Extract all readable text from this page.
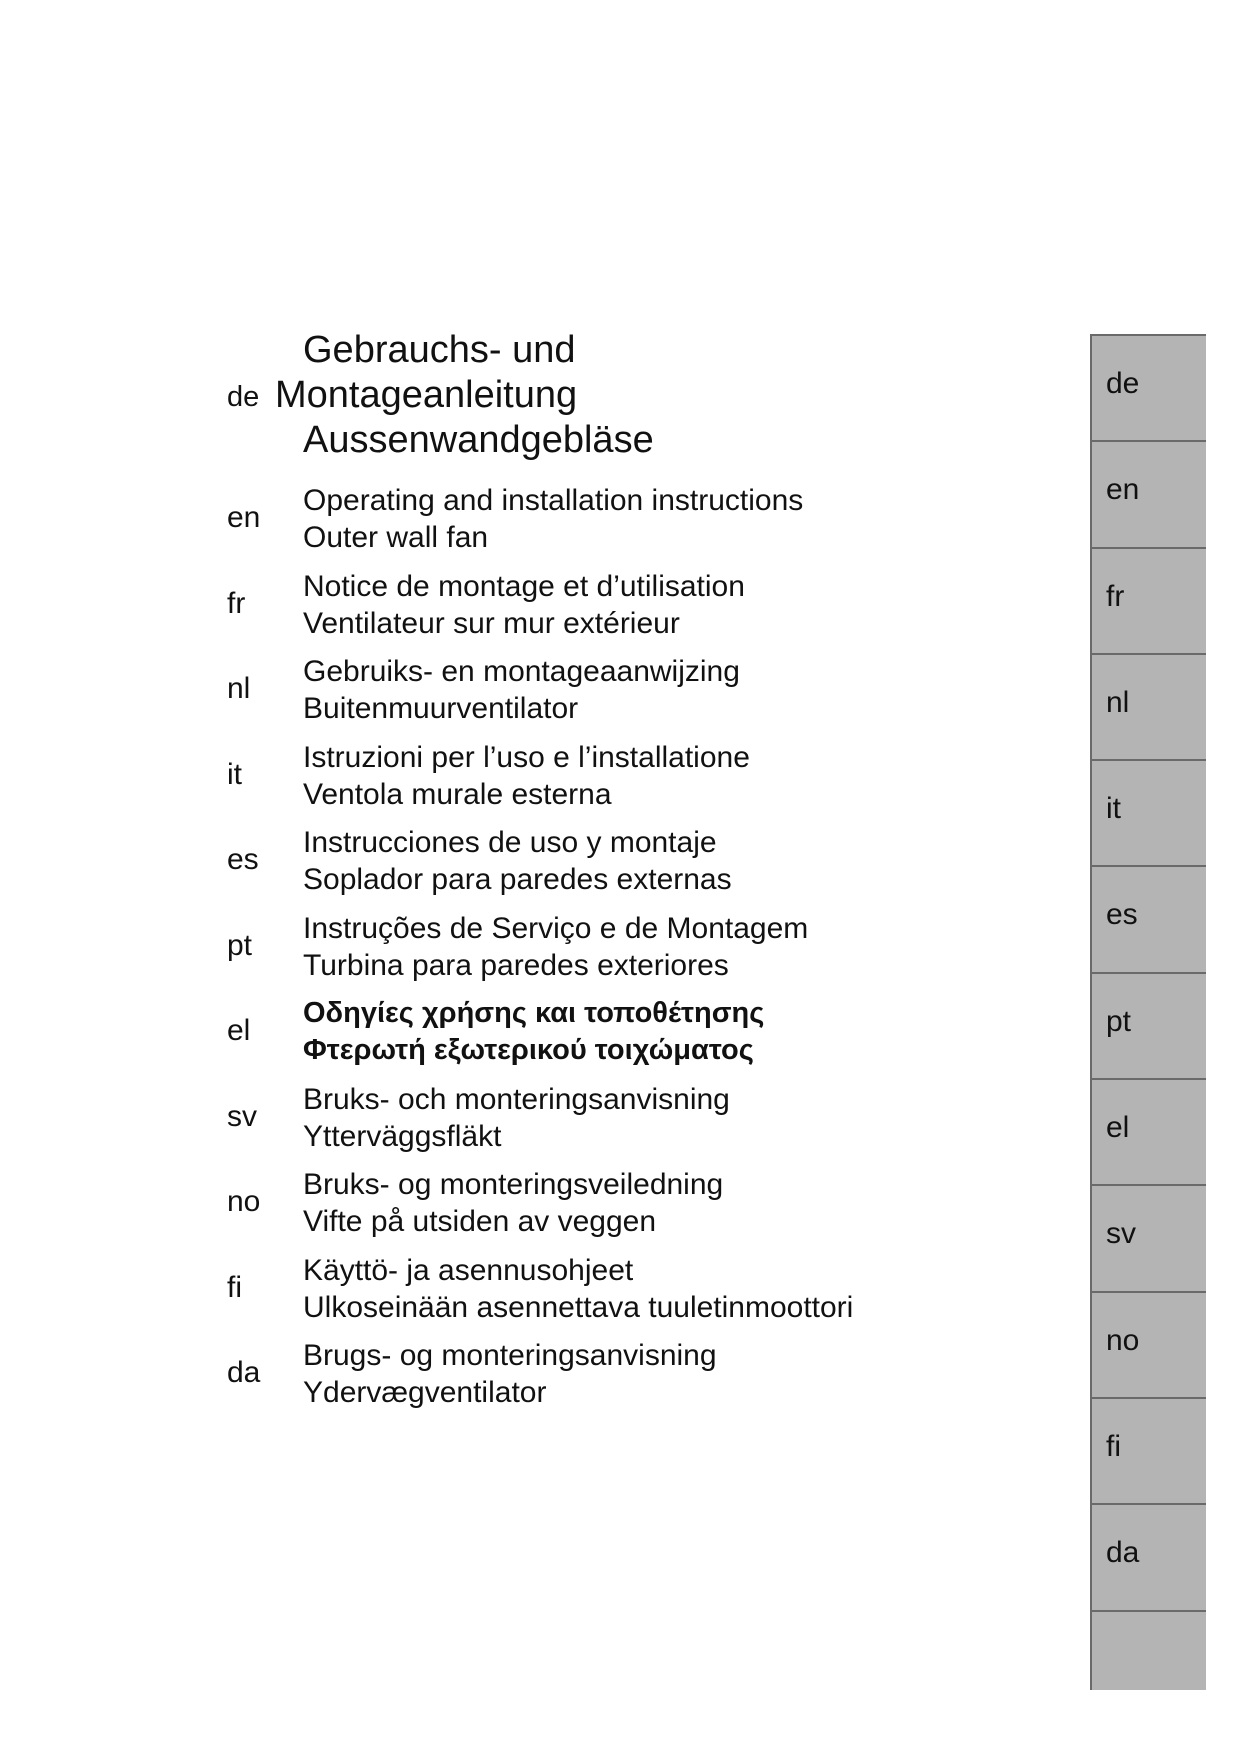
Gebrauchs- und
de Montageanleitung
Aussenwandgebläse
en
Operating and installation instructions
Outer wall fan
fr
Notice de montage et d’utilisation
Ventilateur sur mur extérieur
nl
Gebruiks- en montageaanwijzing
Buitenmuurventilator
it
Istruzioni per l’uso e l’installatione
Ventola murale esterna
es
Instrucciones de uso y montaje
Soplador para paredes externas
pt
Instruções de Serviço e de Montagem
Turbina para paredes exteriores
el
Οδηγίες χρήσης και τοποθέτησης
Φτερωτή εξωτερικού τοιχώματος
sv
Bruks- och monteringsanvisning
Ytterväggsfläkt
no
Bruks- og monteringsveiledning
Vifte på utsiden av veggen
fi
Käyttö- ja asennusohjeet
Ulkoseinään asennettava tuuletinmoottori
da
Brugs- og monteringsanvisning
Ydervægventilator
de
en
fr
nl
it
es
pt
el
sv
no
fi
da
